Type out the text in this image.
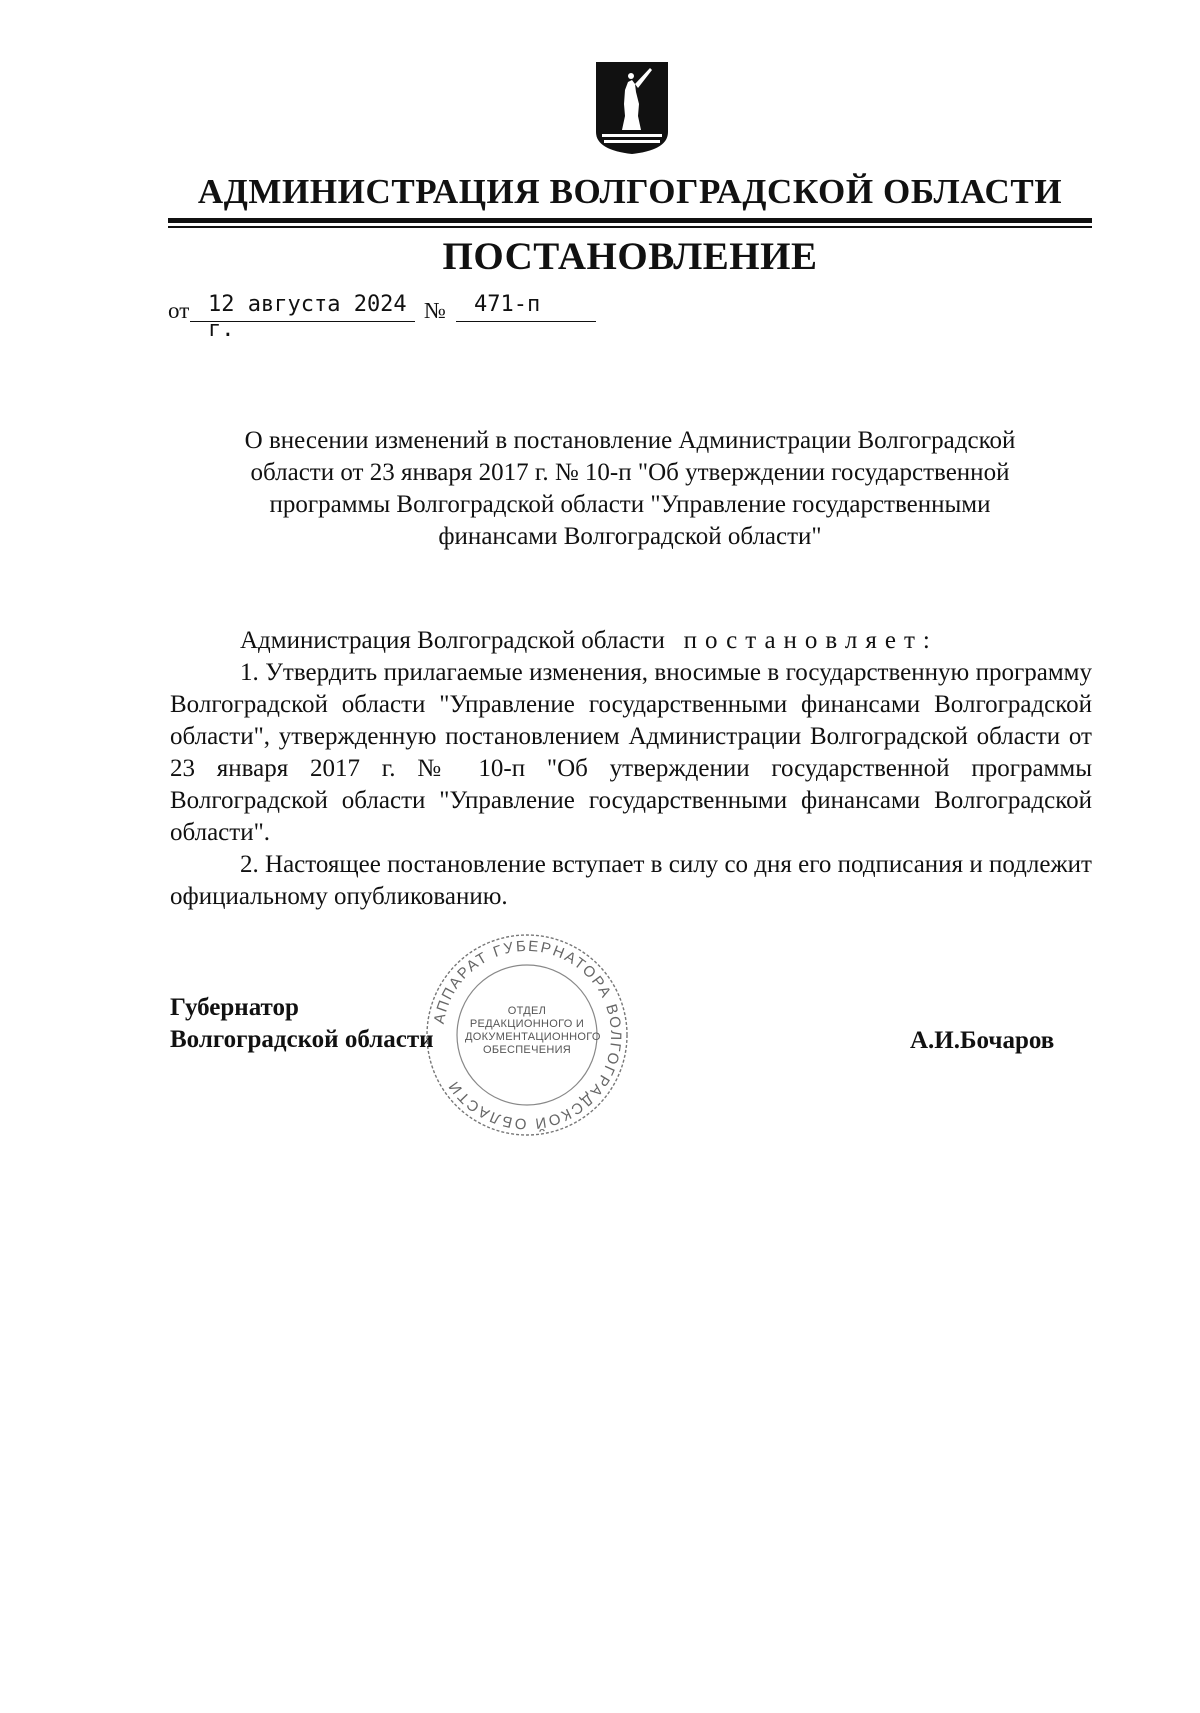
АДМИНИСТРАЦИЯ ВОЛГОГРАДСКОЙ ОБЛАСТИ
ПОСТАНОВЛЕНИЕ
от 12 августа 2024 г.
№	471-п
О внесении изменений в постановление Администрации Волгоградской
области от 23 января 2017 г. № 10-п "Об утверждении государственной
программы Волгоградской области "Управление государственными
финансами Волгоградской области"

Администрация Волгоградской области постановляет:

1. Утвердить прилагаемые изменения, вносимые в государственную программу Волгоградской области "Управление государственными финансами Волгоградской области", утвержденную постановлением Администрации Волгоградской области от 23 января 2017 г. № 10-п "Об утверждении государственной программы Волгоградской области "Управление государственными финансами Волгоградской области".

2. Настоящее постановление вступает в силу со дня его подписания и подлежит официальному опубликованию.

АППАРАТ ГУБЕРНАТОРА ВОЛГОГРАДСКОЙ ОБЛАСТИ
ОТДЕЛ
РЕДАКЦИОННОГО И
ДОКУМЕНТАЦИОННОГО
ОБЕСПЕЧЕНИЯ
Губернатор
Волгоградской области	А.И.Бочаров
